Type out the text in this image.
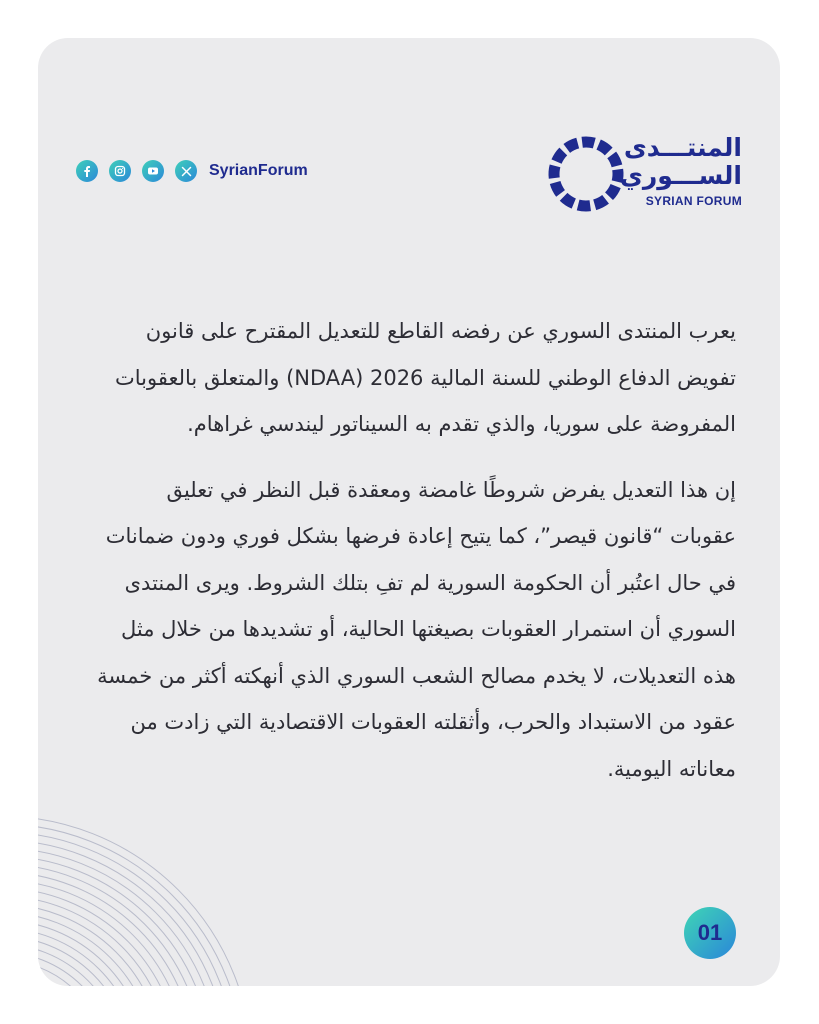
المنتـــدى
الســـوري
SYRIAN FORUM
SyrianForum

يعرب المنتدى السوري عن رفضه القاطع للتعديل المقترح على قانون تفويض الدفاع الوطني للسنة المالية 2026 (NDAA) والمتعلق بالعقوبات المفروضة على سوريا، والذي تقدم به السيناتور ليندسي غراهام.

إن هذا التعديل يفرض شروطًا غامضة ومعقدة قبل النظر في تعليق عقوبات “قانون قيصر”، كما يتيح إعادة فرضها بشكل فوري ودون ضمانات في حال اعتُبر أن الحكومة السورية لم تفِ بتلك الشروط. ويرى المنتدى السوري أن استمرار العقوبات بصيغتها الحالية، أو تشديدها من خلال مثل هذه التعديلات، لا يخدم مصالح الشعب السوري الذي أنهكته أكثر من خمسة عقود من الاستبداد والحرب، وأثقلته العقوبات الاقتصادية التي زادت من معاناته اليومية.

01
